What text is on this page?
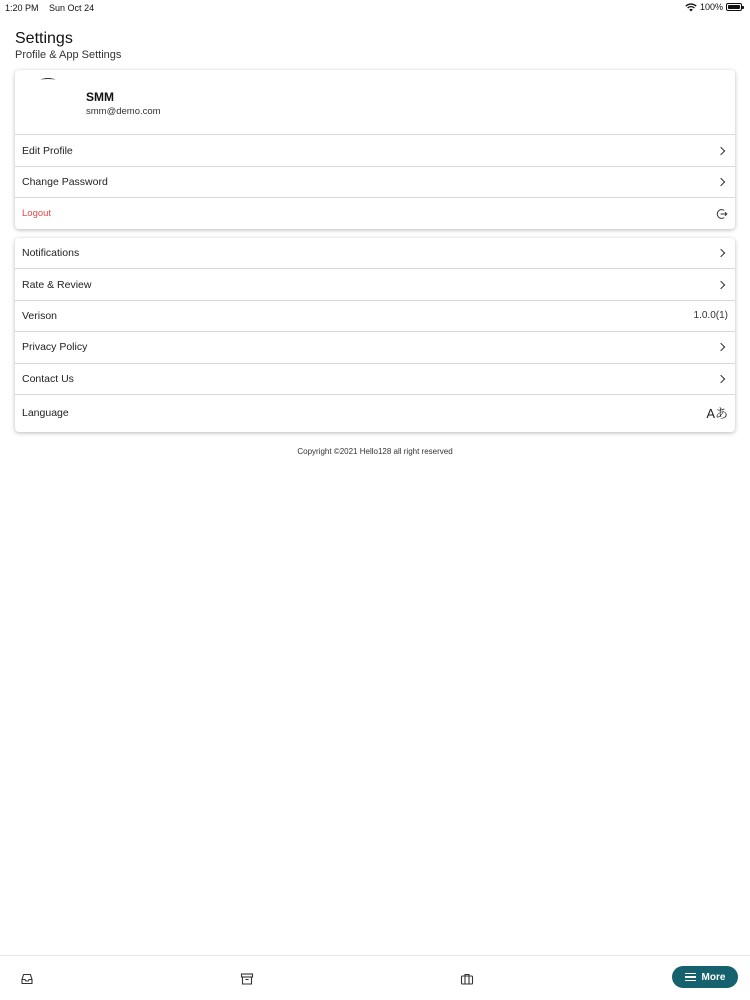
1:20 PM Sun Oct 24	100%
Settings
Profile & App Settings
SMM
smm@demo.com
Edit Profile
Change Password
Logout
Notifications
Rate & Review
Verison	1.0.0(1)
Privacy Policy
Contact Us
Language	Aあ
Copyright ©2021 Hello128 all right reserved
More
